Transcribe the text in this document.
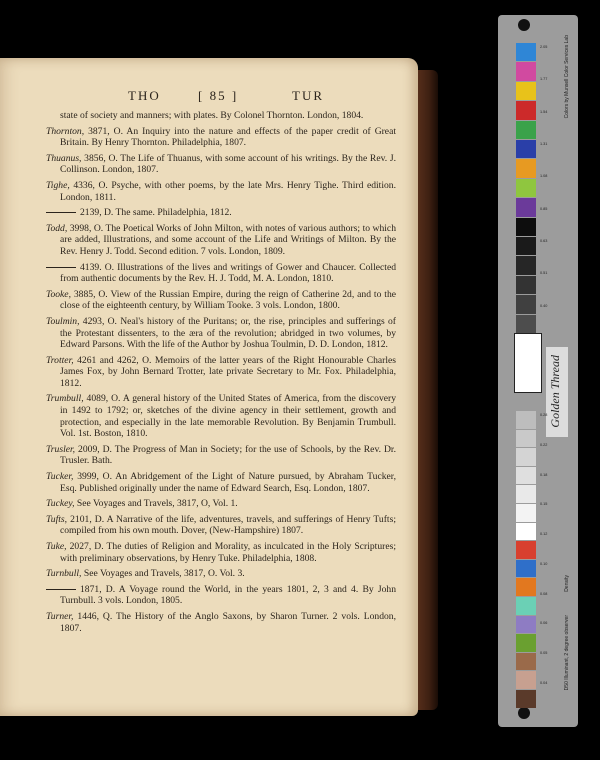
THO	[ 85 ]	TUR
state of society and manners; with plates. By Colonel Thornton. London, 1804.
Thornton, 3871, O. An Inquiry into the nature and effects of the paper credit of Great Britain. By Henry Thornton. Philadelphia, 1807.
Thuanus, 3856, O. The Life of Thuanus, with some account of his writings. By the Rev. J. Collinson. London, 1807.
Tighe, 4336, O. Psyche, with other poems, by the late Mrs. Henry Tighe. Third edition. London, 1811.
2139, D. The same. Philadelphia, 1812.
Todd, 3998, O. The Poetical Works of John Milton, with notes of various authors; to which are added, Illustrations, and some account of the Life and Writings of Milton. By the Rev. Henry J. Todd. Second edition. 7 vols. London, 1809.
4139. O. Illustrations of the lives and writings of Gower and Chaucer. Collected from authentic documents by the Rev. H. J. Todd, M. A. London, 1810.
Tooke, 3885, O. View of the Russian Empire, during the reign of Catherine 2d, and to the close of the eighteenth century, by William Tooke. 3 vols. London, 1800.
Toulmin, 4293, O. Neal's history of the Puritans; or, the rise, principles and sufferings of the Protestant dissenters, to the æra of the revolution; abridged in two volumes, by Edward Parsons. With the life of the Author by Joshua Toulmin, D. D. London, 1812.
Trotter, 4261 and 4262, O. Memoirs of the latter years of the Right Honourable Charles James Fox, by John Bernard Trotter, late private Secretary to Mr. Fox. Philadelphia, 1812.
Trumbull, 4089, O. A general history of the United States of America, from the discovery in 1492 to 1792; or, sketches of the divine agency in their settlement, growth and protection, and especially in the late memorable Revolution. By Benjamin Trumbull. Vol. 1st. Boston, 1810.
Trusler, 2009, D. The Progress of Man in Society; for the use of Schools, by the Rev. Dr. Trusler. Bath.
Tucker, 3999, O. An Abridgement of the Light of Nature pursued, by Abraham Tucker, Esq. Published originally under the name of Edward Search, Esq. London, 1807.
Tuckey, See Voyages and Travels, 3817, O, Vol. 1.
Tufts, 2101, D. A Narrative of the life, adventures, travels, and sufferings of Henry Tufts; compiled from his own mouth. Dover, (New-Hampshire) 1807.
Tuke, 2027, D. The duties of Religion and Morality, as inculcated in the Holy Scriptures; with preliminary observations, by Henry Tuke. Philadelphia, 1808.
Turnbull, See Voyages and Travels, 3817, O. Vol. 3.
1871, D. A Voyage round the World, in the years 1801, 2, 3 and 4. By John Turnbull. 3 vols. London, 1805.
Turner, 1446, Q. The History of the Anglo Saxons, by Sharon Turner. 2 vols. London, 1807.
Golden Thread
Colors by Munsell Color Services Lab
Density
D50 Illuminant, 2 degree observer
2.05
1.77
1.54
1.31
1.08
0.85
0.63
0.51
0.40
0.28
0.22
0.18
0.15
0.12
0.10
0.08
0.06
0.05
0.04
